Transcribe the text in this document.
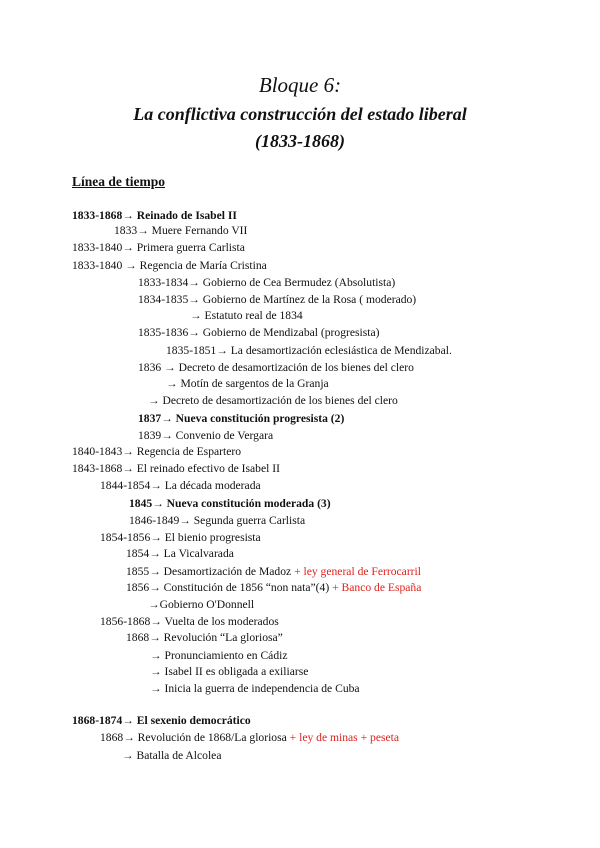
Bloque 6:
La conflictiva construcción del estado liberal
(1833-1868)
Línea de tiempo
1833-1868→ Reinado de Isabel II
1833→ Muere Fernando VII
1833-1840→ Primera guerra Carlista
1833-1840 → Regencia de María Cristina
1833-1834→ Gobierno de Cea Bermudez (Absolutista)
1834-1835→ Gobierno de Martínez de la Rosa ( moderado)
→ Estatuto real de 1834
1835-1836→ Gobierno de Mendizabal (progresista)
1835-1851→ La desamortización eclesiástica de Mendizabal.
1836 → Decreto de desamortización de los bienes del clero
→ Motín de sargentos de la Granja
→ Decreto de desamortización de los bienes del clero
1837→ Nueva constitución progresista (2)
1839→ Convenio de Vergara
1840-1843→ Regencia de Espartero
1843-1868→ El reinado efectivo de Isabel II
1844-1854→ La década moderada
1845→ Nueva constitución moderada (3)
1846-1849→ Segunda guerra Carlista
1854-1856→ El bienio progresista
1854→ La Vicalvarada
1855→ Desamortización de Madoz + ley general de Ferrocarril
1856→ Constitución de 1856 “non nata”(4) + Banco de España
→Gobierno O'Donnell
1856-1868→ Vuelta de los moderados
1868→ Revolución “La gloriosa”
→ Pronunciamiento en Cádiz
→ Isabel II es obligada a exiliarse
→ Inicia la guerra de independencia de Cuba
1868-1874→ El sexenio democrático
1868→ Revolución de 1868/La gloriosa + ley de minas + peseta
→ Batalla de Alcolea
